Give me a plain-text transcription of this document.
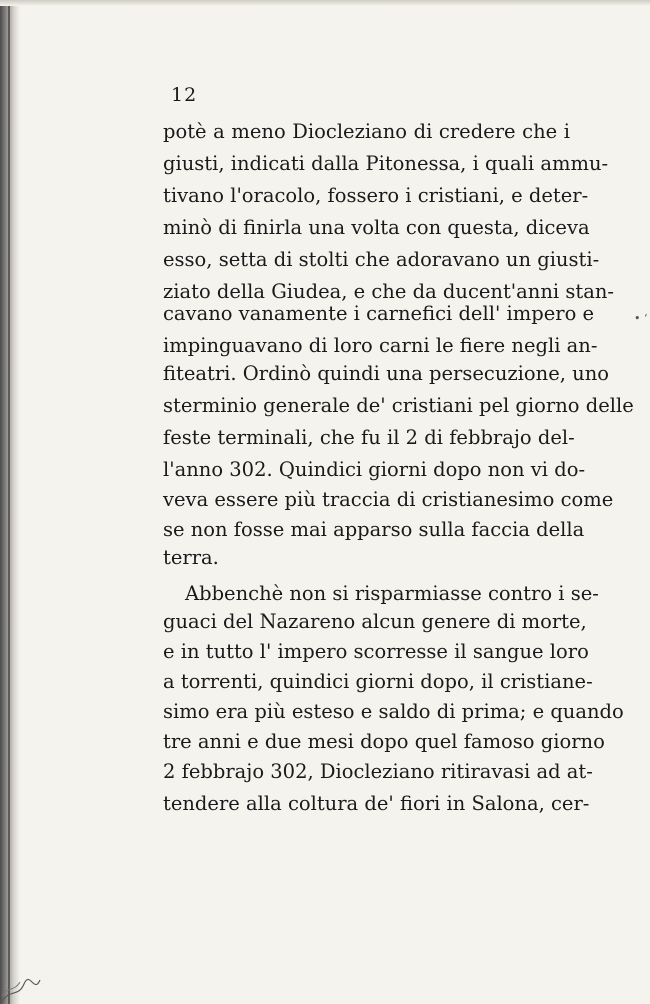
12
potè a meno Diocleziano di credere che i
giusti, indicati dalla Pitonessa, i quali ammu-
tivano l'oracolo, fossero i cristiani, e deter-
minò di finirla una volta con questa, diceva
esso, setta di stolti che adoravano un giusti-
ziato della Giudea, e che da ducent'anni stan-
cavano vanamente i carnefici dell' impero e
impinguavano di loro carni le fiere negli an-
fiteatri. Ordinò quindi una persecuzione, uno
sterminio generale de' cristiani pel giorno delle
feste terminali, che fu il 2 di febbrajo del-
l'anno 302. Quindici giorni dopo non vi do-
veva essere più traccia di cristianesimo come
se non fosse mai apparso sulla faccia della
terra.
Abbenchè non si risparmiasse contro i se-
guaci del Nazareno alcun genere di morte,
e in tutto l' impero scorresse il sangue loro
a torrenti, quindici giorni dopo, il cristiane-
simo era più esteso e saldo di prima; e quando
tre anni e due mesi dopo quel famoso giorno
2 febbrajo 302, Diocleziano ritiravasi ad at-
tendere alla coltura de' fiori in Salona, cer-
• ʻ
